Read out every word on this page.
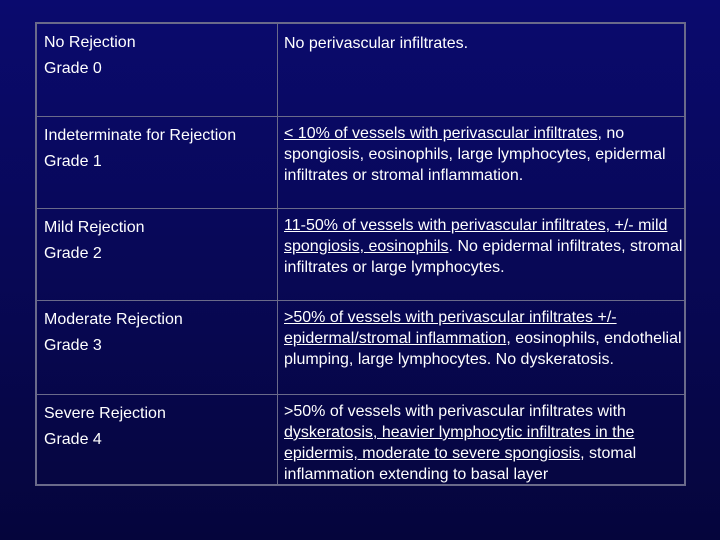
No Rejection
Grade 0
No perivascular infiltrates.
Indeterminate for Rejection
Grade 1
< 10% of vessels with perivascular infiltrates, no spongiosis, eosinophils, large lymphocytes, epidermal infiltrates or stromal inflammation.
Mild Rejection
Grade 2
11-50% of vessels with perivascular infiltrates, +/- mild spongiosis, eosinophils. No epidermal infiltrates, stromal infiltrates or large lymphocytes.
Moderate Rejection
Grade 3
>50% of vessels with perivascular infiltrates +/- epidermal/stromal inflammation, eosinophils, endothelial plumping, large lymphocytes. No dyskeratosis.
Severe Rejection
Grade 4
>50% of vessels with perivascular infiltrates with dyskeratosis, heavier lymphocytic infiltrates in the epidermis, moderate to severe spongiosis, stomal inflammation extending to basal layer
